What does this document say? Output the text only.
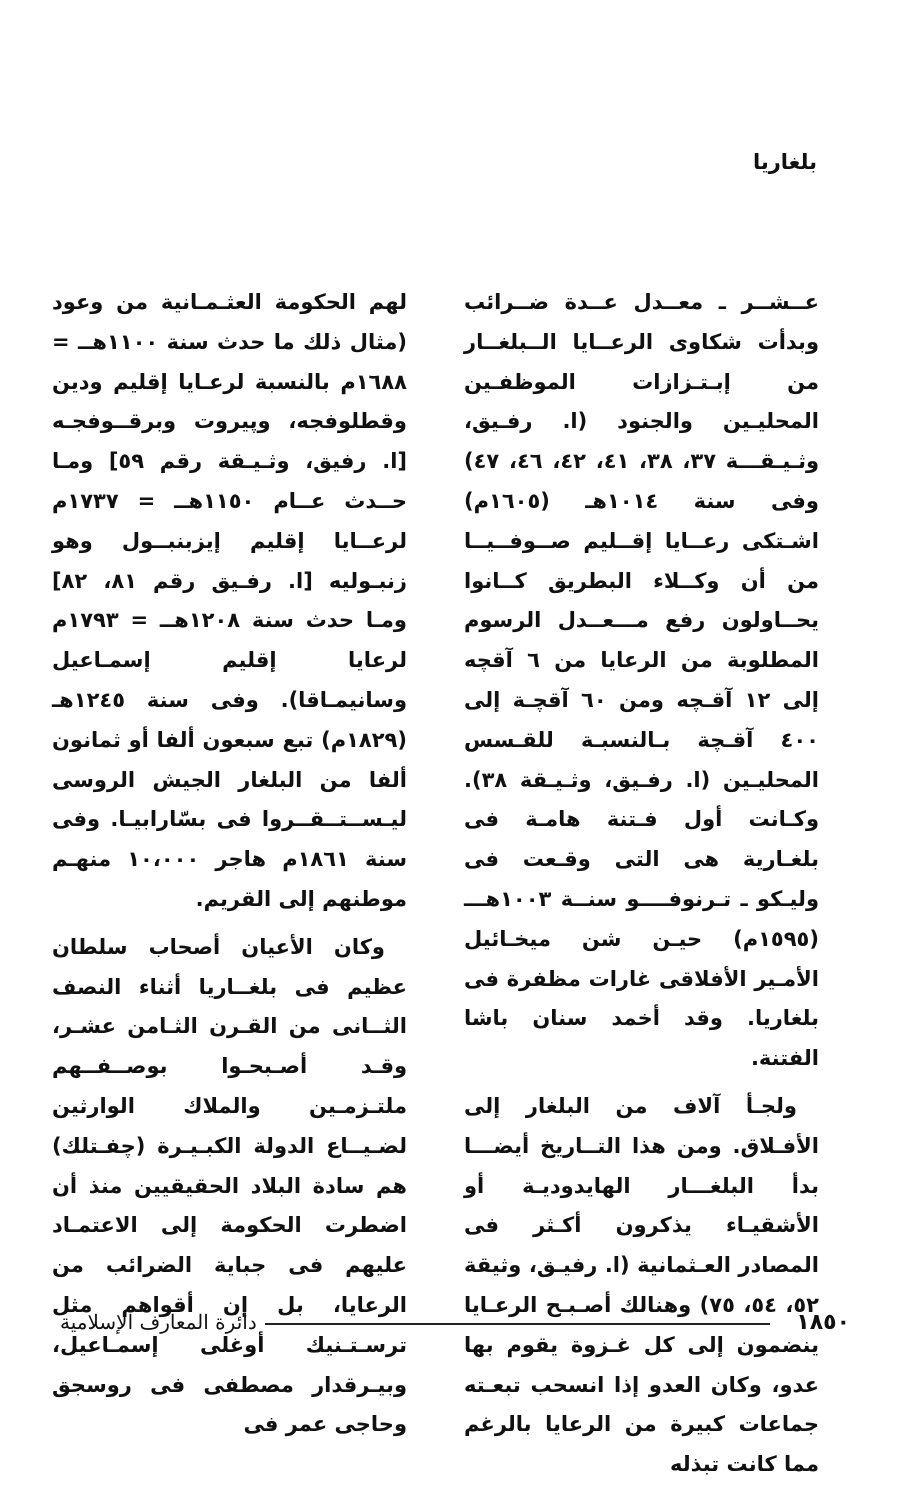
بلغاريا

عــشــر ـ معــدل عــدة ضــرائب وبدأت شكاوى الرعــايا الــبلغــار من إبـتـزازات الموظفـين المحليـين والجنود (ا. رفـيق، وثـيـقـــة ٣٧، ٣٨، ٤١، ٤٢، ٤٦، ٤٧) وفى سنة ١٠١٤هـ (١٦٠٥م) اشـتكى رعــايا إقــليم صــوفــيــا من أن وكــلاء البطريق كــانوا يحــاولون رفع مـــعــدل الرسوم المطلوبة من الرعايا من ٦ آقچه إلى ١٢ آقـچه ومن ٦٠ آقچـة إلى ٤٠٠ آقـچة بـالنسبـة للقـسس المحليـين (ا. رفـيق، وثـيـقة ٣٨). وكـانت أول فـتنة هامـة فى بلغـارية هى التى وقـعت فى وليـكو ـ تـرنوفــــو سنــة ١٠٠٣هـــ (١٥٩٥م) حيـن شن ميخـائيل الأمـير الأفلاقى غارات مظفرة فى بلغاريا. وقد أخمد سنان باشا الفتنة.

ولجـأ آلاف من البلغار إلى الأفـلاق. ومن هذا التــاريخ أيضـــا بدأ البلغـــار الهايدوديـة أو الأشقيـاء يذكرون أكـثر فى المصادر العـثمانية (ا. رفيـق، وثيقة ٥٢، ٥٤، ٧٥) وهنالك أصـبـح الرعـايا ينضمون إلى كل غـزوة يقوم بها عدو، وكان العدو إذا انسحب تبعـته جماعات كبيرة من الرعايا بالرغم مما كانت تبذله

لهم الحكومة العثـمـانية من وعود (مثال ذلك ما حدث سنة ١١٠٠هــ = ١٦٨٨م بالنسبة لرعـايا إقليم ودين وقطلوفجه، وپيروت وبرقــوفجـه [ا. رفيق، وثـيـقة رقم ٥٩] ومـا حــدث عــام ١١٥٠هــ = ١٧٣٧م لرعــايا إقليم إيزبنبــول وهو زنبـوليه [ا. رفـيق رقم ٨١، ٨٢] ومـا حدث سنة ١٢٠٨هــ = ١٧٩٣م لرعايا إقليم إسمـاعيل وسانيمـاقا). وفى سنة ١٢٤٥هـ (١٨٢٩م) تبع سبعون ألفا أو ثمانون ألفا من البلغار الجيش الروسى ليـســتــقــروا فى بسّارابيـا. وفى سنة ١٨٦١م هاجر ١٠،٠٠٠ منهـم موطنهم إلى القريم.

وكان الأعيان أصحاب سلطان عظيم فى بلغــاريا أثناء النصف الثــانى من القـرن الثـامن عشـر، وقـد أصـبحـوا بوصــفــهم ملتـزمـين والملاك الوارثين لضـيــاع الدولة الكبـيـرة (چفـتلك) هم سادة البلاد الحقيقيين منذ أن اضطرت الحكومة إلى الاعتمـاد عليهم فى جباية الضرائب من الرعايا، بل إن أقواهم مثل ترسـتـنيك أوغلى إسمـاعيل، وبيـرقدار مصطفى فى روسجق وحاجى عمر فى

١٨٥٠
دائرة المعارف الإسلامية
